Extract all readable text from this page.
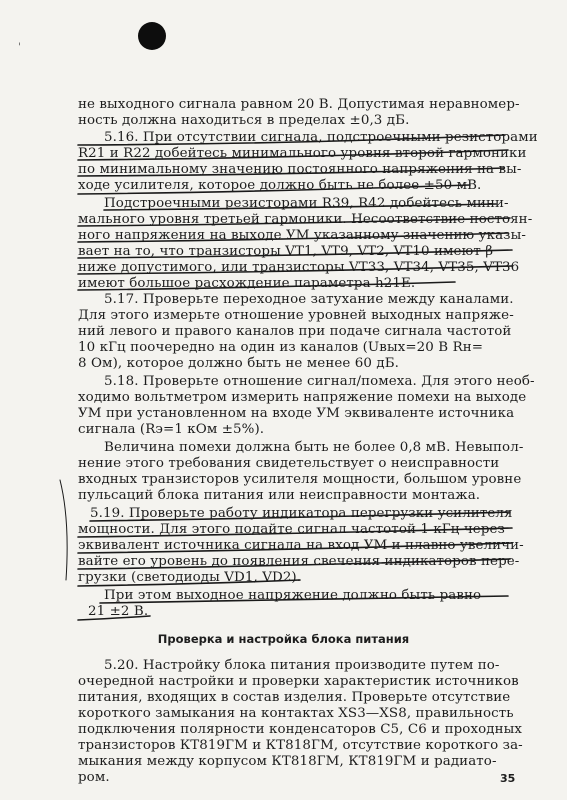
'
не выходного сигнала равном 20 В. Допустимая неравномер-
ность должна находиться в пределах ±0,3 дБ.
5.16. При отсутствии сигнала, подстроечными резисторами
R21 и R22 добейтесь минимального уровня второй гармоники
по минимальному значению постоянного напряжения на вы-
ходе усилителя, которое должно быть не более ±50 мВ.
Подстроечными резисторами R39, R42 добейтесь мини-
мального уровня третьей гармоники. Несоответствие постоян-
ного напряжения на выходе УМ указанному значению указы-
вает на то, что транзисторы VT1, VT9, VT2, VT10 имеют β
ниже допустимого, или транзисторы VT33, VT34, VT35, VT36
имеют большое расхождение параметра h21E.
5.17. Проверьте переходное затухание между каналами.
Для этого измерьте отношение уровней выходных напряже-
ний левого и правого каналов при подаче сигнала частотой
10 кГц поочередно на один из каналов (Uвых=20 В Rн=
8 Ом), которое должно быть не менее 60 дБ.
5.18. Проверьте отношение сигнал/помеха. Для этого необ-
ходимо вольтметром измерить напряжение помехи на выходе
УМ при установленном на входе УМ эквиваленте источника
сигнала (Rэ=1 кОм ±5%).
Величина помехи должна быть не более 0,8 мВ. Невыпол-
нение этого требования свидетельствует о неисправности
входных транзисторов усилителя мощности, большом уровне
пульсаций блока питания или неисправности монтажа.
5.19. Проверьте работу индикатора перегрузки усилителя
мощности. Для этого подайте сигнал частотой 1 кГц через
эквивалент источника сигнала на вход УМ и плавно увеличи-
вайте его уровень до появления свечения индикаторов пере-
грузки (светодиоды VD1, VD2).
При этом выходное напряжение должно быть равно
21 ±2 В.
Проверка и настройка блока питания
5.20. Настройку блока питания производите путем по-
очередной настройки и проверки характеристик источников
питания, входящих в состав изделия. Проверьте отсутствие
короткого замыкания на контактах XS3—XS8, правильность
подключения полярности конденсаторов С5, С6 и проходных
транзисторов КТ819ГМ и КТ818ГМ, отсутствие короткого за-
мыкания между корпусом КТ818ГМ, КТ819ГМ и радиато-
ром.	35
